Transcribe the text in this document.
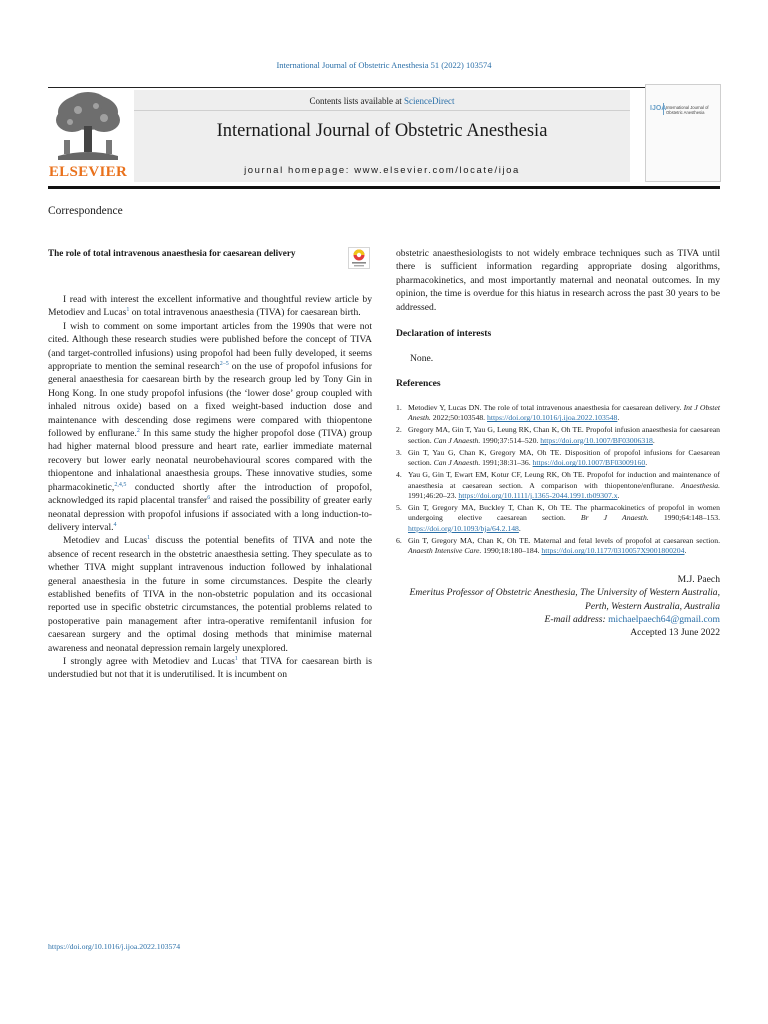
International Journal of Obstetric Anesthesia 51 (2022) 103574
ELSEVIER
Contents lists available at ScienceDirect
International Journal of Obstetric Anesthesia
journal homepage: www.elsevier.com/locate/ijoa
IJOA International Journal of Obstetric Anesthesia
Correspondence

The role of total intravenous anaesthesia for caesarean delivery

I read with interest the excellent informative and thoughtful review article by Metodiev and Lucas$^1$ on total intravenous anaesthesia (TIVA) for caesarean birth.

I wish to comment on some important articles from the 1990s that were not cited. Although these research studies were published before the concept of TIVA (and target-controlled infusions) using propofol had been fully developed, it seems appropriate to mention the seminal research$^{2-5}$ on the use of propofol infusions for general anaesthesia for caesarean birth by the research group led by Tony Gin in Hong Kong. In one study propofol infusions (the ‘lower dose’ group coupled with inhaled nitrous oxide) based on a fixed weight-based induction dose and maintenance with descending dose regimens were compared with thiopentone followed by enflurane.$^2$ In this same study the higher propofol dose (TIVA) group had higher maternal blood pressure and heart rate, earlier immediate maternal recovery but lower early neonatal neurobehavioural scores compared with the thiopentone and inhalational anaesthesia groups. These innovative studies, some pharmacokinetic,$^{2,4,5}$ conducted shortly after the introduction of propofol, acknowledged its rapid placental transfer$^6$ and raised the possibility of greater early neonatal depression with propofol infusions if associated with a long induction-to-delivery interval.$^4$

Metodiev and Lucas$^1$ discuss the potential benefits of TIVA and note the absence of recent research in the obstetric anaesthesia setting. They speculate as to whether TIVA might supplant intravenous induction followed by inhalational general anaesthesia in the future in some circumstances. Despite the clearly established benefits of TIVA in the non-obstetric population and its occasional reported use in specific obstetric circumstances, the potential problems related to postoperative pain management after intra-operative remifentanil infusion for caesarean surgery and the optimal dosing methods that minimise maternal awareness and neonatal depression remain largely unexplored.

I strongly agree with Metodiev and Lucas$^1$ that TIVA for caesarean birth is understudied but not that it is underutilised. It is incumbent on

obstetric anaesthesiologists to not widely embrace techniques such as TIVA until there is sufficient information regarding appropriate dosing algorithms, pharmacokinetics, and most importantly maternal and neonatal outcomes. In my opinion, the time is overdue for this hiatus in research across the past 30 years to be addressed.

Declaration of interests

None.

References

1. Metodiev Y, Lucas DN. The role of total intravenous anaesthesia for caesarean delivery. Int J Obstet Anesth. 2022;50:103548. https://doi.org/10.1016/j.ijoa.2022.103548.
2. Gregory MA, Gin T, Yau G, Leung RK, Chan K, Oh TE. Propofol infusion anaesthesia for caesarean section. Can J Anaesth. 1990;37:514–520. https://doi.org/10.1007/BF03006318.
3. Gin T, Yau G, Chan K, Gregory MA, Oh TE. Disposition of propofol infusions for Caesarean section. Can J Anaesth. 1991;38:31–36. https://doi.org/10.1007/BF03009160.
4. Yau G, Gin T, Ewart EM, Kotur CF, Leung RK, Oh TE. Propofol for induction and maintenance of anaesthesia at caesarean section. A comparison with thiopentone/enflurane. Anaesthesia. 1991;46:20–23. https://doi.org/10.1111/j.1365-2044.1991.tb09307.x.
5. Gin T, Gregory MA, Buckley T, Chan K, Oh TE. The pharmacokinetics of propofol in women undergoing elective caesarean section. Br J Anaesth. 1990;64:148–153. https://doi.org/10.1093/bja/64.2.148.
6. Gin T, Gregory MA, Chan K, Oh TE. Maternal and fetal levels of propofol at caesarean section. Anaesth Intensive Care. 1990;18:180–184. https://doi.org/10.1177/0310057X9001800204.
M.J. Paech
Emeritus Professor of Obstetric Anesthesia, The University of Western Australia, Perth, Western Australia, Australia
E-mail address: michaelpaech64@gmail.com
Accepted 13 June 2022
https://doi.org/10.1016/j.ijoa.2022.103574
